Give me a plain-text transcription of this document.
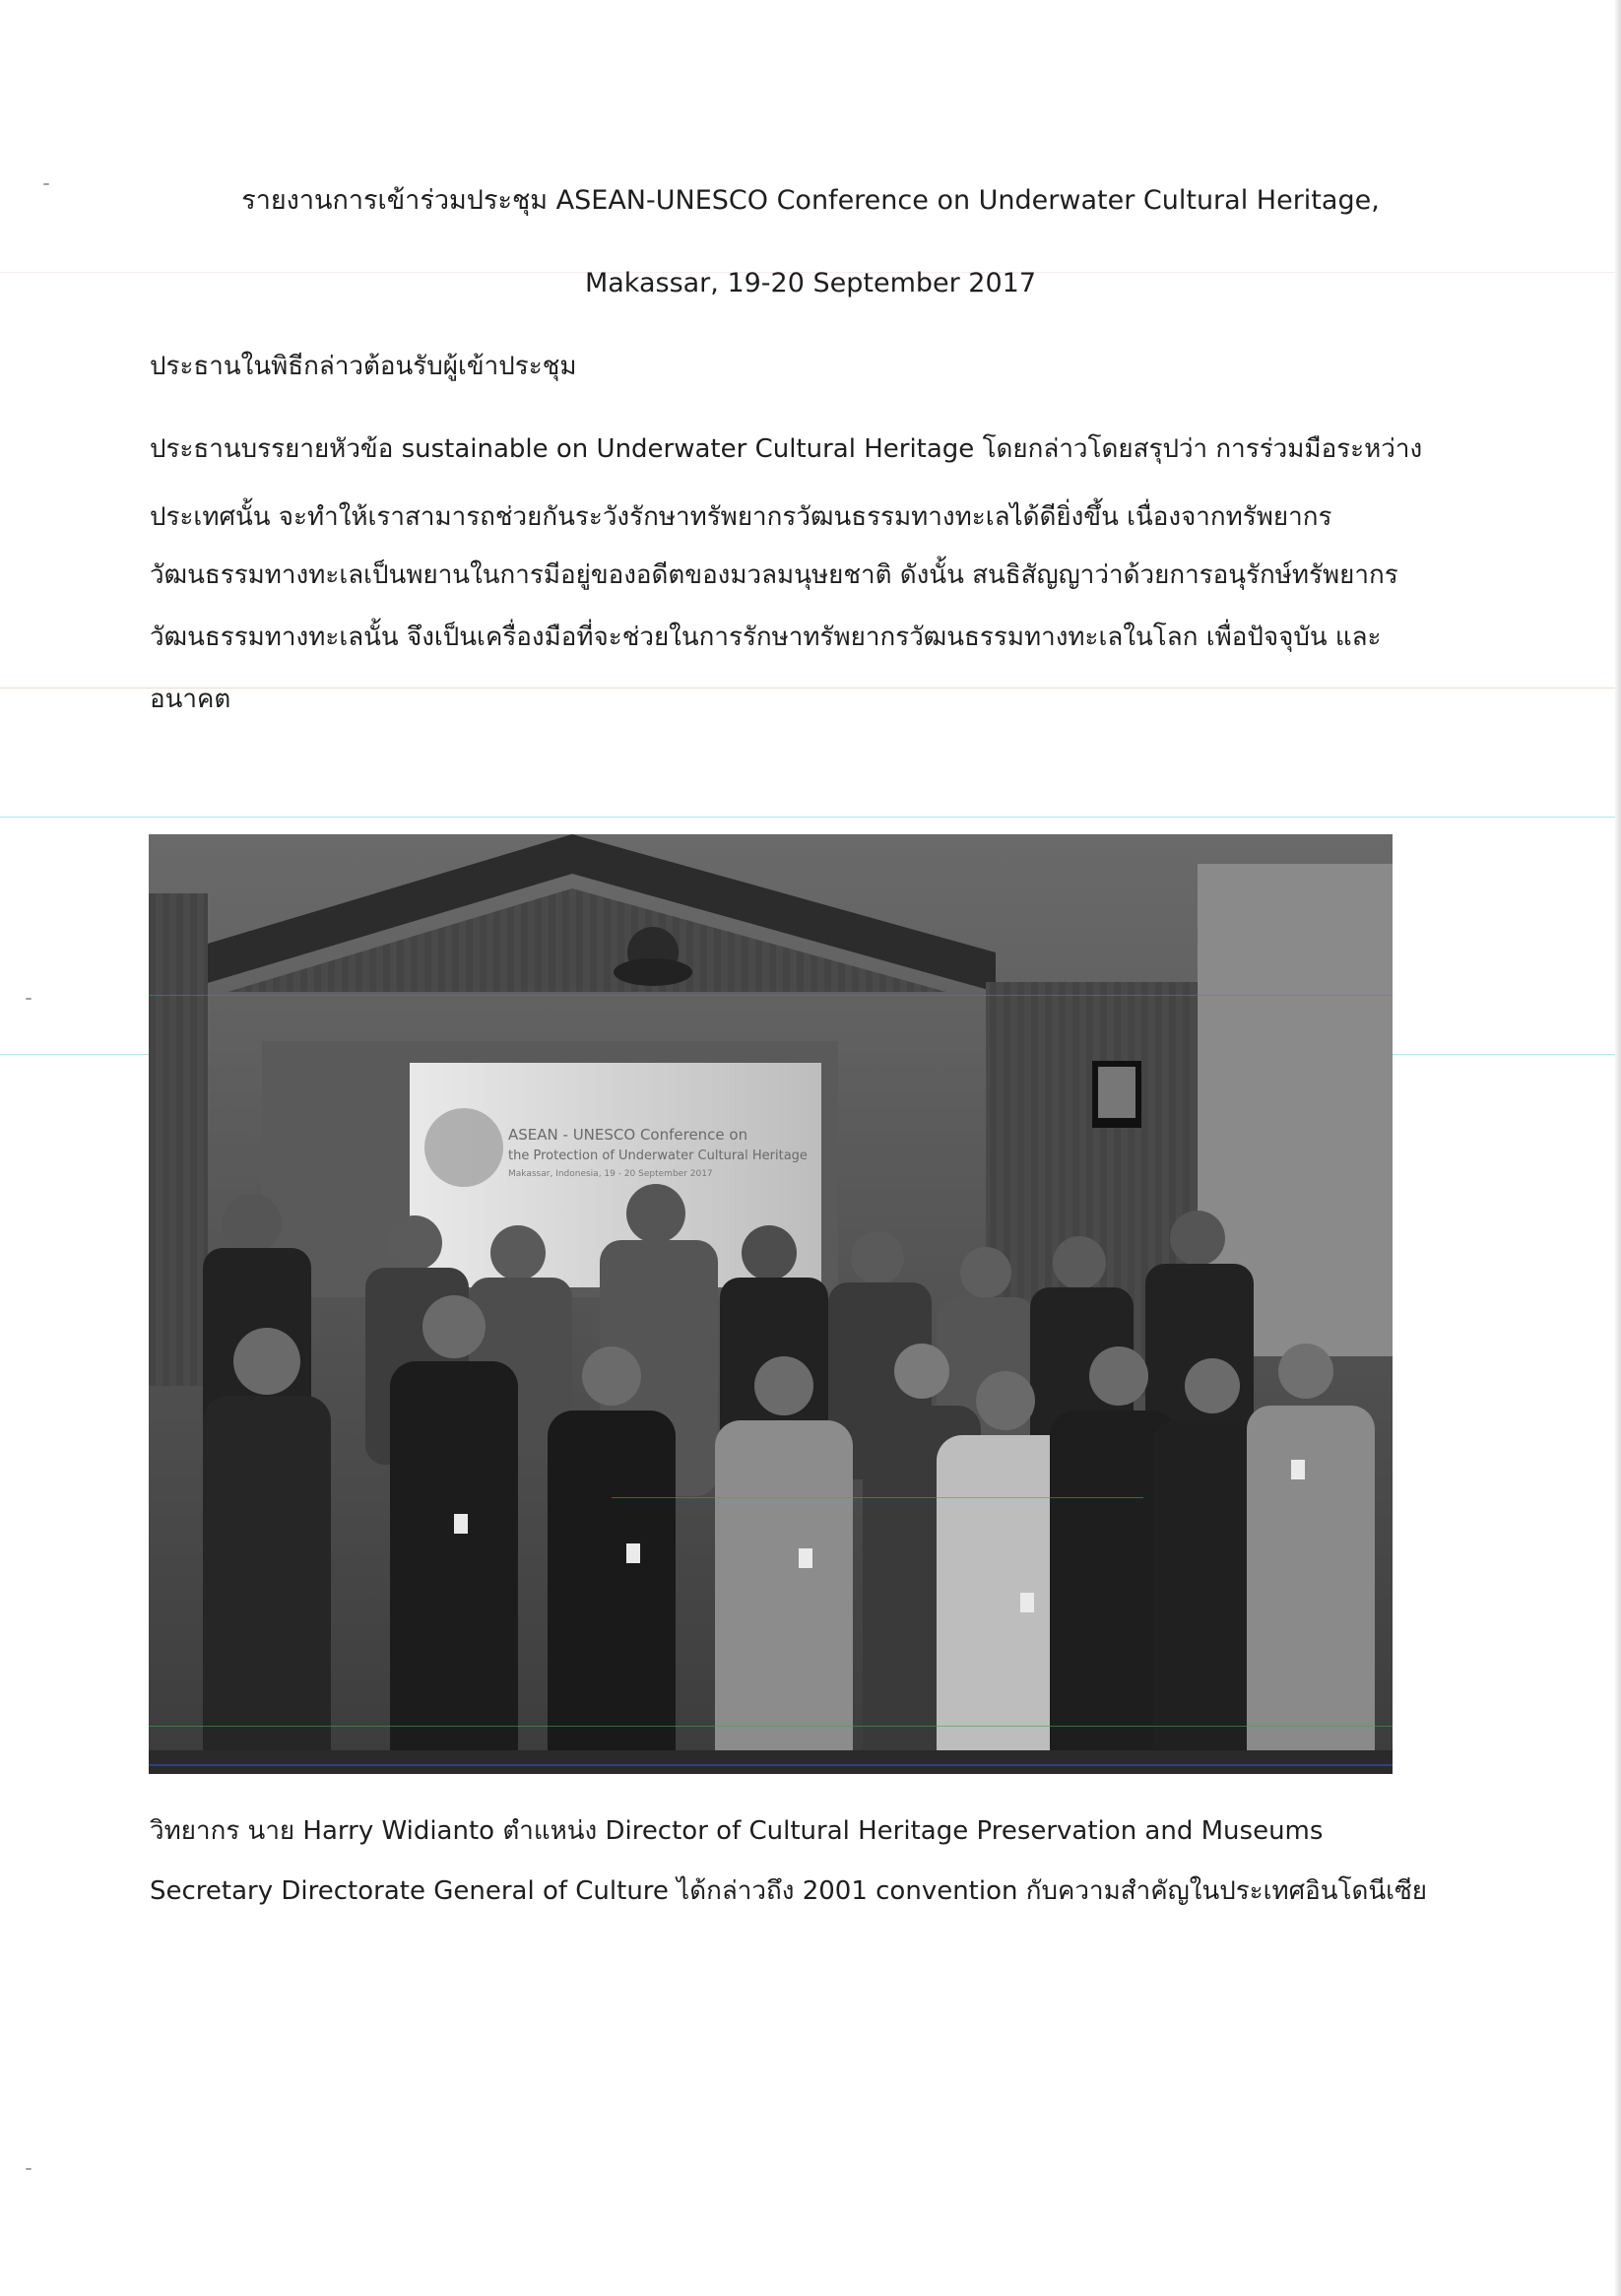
รายงานการเข้าร่วมประชุม ASEAN-UNESCO Conference on Underwater Cultural Heritage,
Makassar, 19-20 September 2017
ประธานในพิธีกล่าวต้อนรับผู้เข้าประชุม
ประธานบรรยายหัวข้อ sustainable on Underwater Cultural Heritage โดยกล่าวโดยสรุปว่า การร่วมมือระหว่าง
ประเทศนั้น จะทำให้เราสามารถช่วยกันระวังรักษาทรัพยากรวัฒนธรรมทางทะเลได้ดียิ่งขึ้น เนื่องจากทรัพยากร
วัฒนธรรมทางทะเลเป็นพยานในการมีอยู่ของอดีตของมวลมนุษยชาติ ดังนั้น สนธิสัญญาว่าด้วยการอนุรักษ์ทรัพยากร
วัฒนธรรมทางทะเลนั้น จึงเป็นเครื่องมือที่จะช่วยในการรักษาทรัพยากรวัฒนธรรมทางทะเลในโลก เพื่อปัจจุบัน และ
อนาคต
ASEAN - UNESCO Conference on
the Protection of Underwater Cultural Heritage
Makassar, Indonesia, 19 - 20 September 2017
วิทยากร นาย Harry Widianto ตำแหน่ง Director of Cultural Heritage Preservation and Museums
Secretary Directorate General of Culture ได้กล่าวถึง 2001 convention กับความสำคัญในประเทศอินโดนีเซีย
